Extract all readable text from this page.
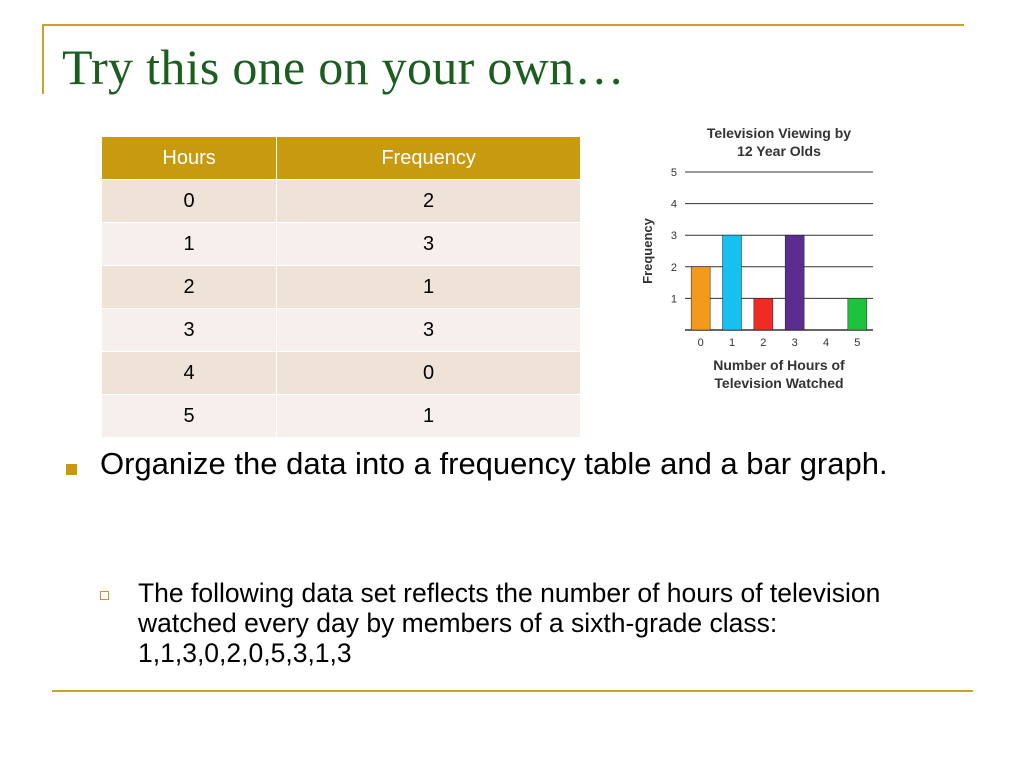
Try this one on your own…
Hours	Frequency
0	2
1	3
2	1
3	3
4	0
5	1
Television Viewing by
12 Year Olds
1
2
3
4
5
Frequency
0 1 2 3 4 5
Number of Hours of
Television Watched
Organize the data into a frequency table and a bar graph.
The following data set reflects the number of hours of television watched every day by members of a sixth-grade class: 1,1,3,0,2,0,5,3,1,3
